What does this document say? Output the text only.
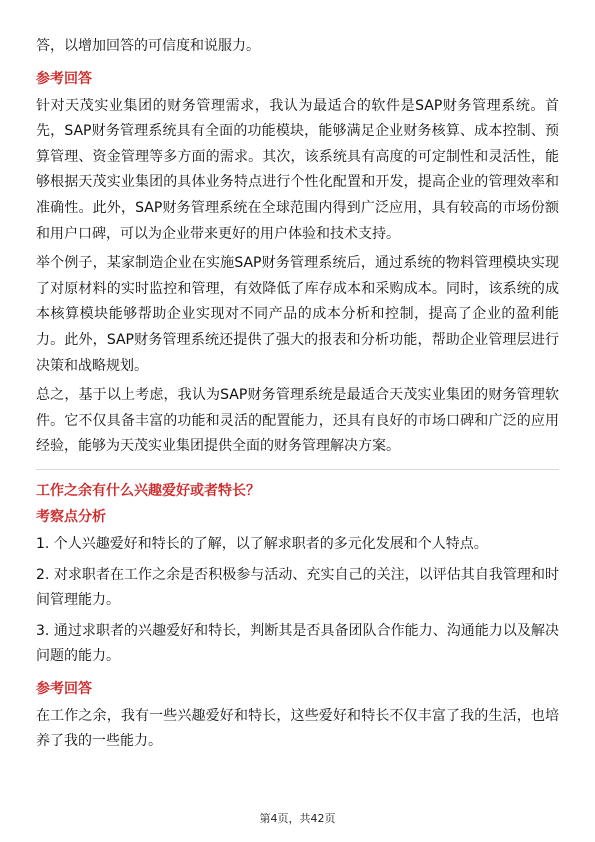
答，以增加回答的可信度和说服力。

参考回答

针对天茂实业集团的财务管理需求，我认为最适合的软件是SAP财务管理系统。首先，SAP财务管理系统具有全面的功能模块，能够满足企业财务核算、成本控制、预算管理、资金管理等多方面的需求。其次，该系统具有高度的可定制性和灵活性，能够根据天茂实业集团的具体业务特点进行个性化配置和开发，提高企业的管理效率和准确性。此外，SAP财务管理系统在全球范围内得到广泛应用，具有较高的市场份额和用户口碑，可以为企业带来更好的用户体验和技术支持。

举个例子，某家制造企业在实施SAP财务管理系统后，通过系统的物料管理模块实现了对原材料的实时监控和管理，有效降低了库存成本和采购成本。同时，该系统的成本核算模块能够帮助企业实现对不同产品的成本分析和控制，提高了企业的盈利能力。此外，SAP财务管理系统还提供了强大的报表和分析功能，帮助企业管理层进行决策和战略规划。

总之，基于以上考虑，我认为SAP财务管理系统是最适合天茂实业集团的财务管理软件。它不仅具备丰富的功能和灵活的配置能力，还具有良好的市场口碑和广泛的应用经验，能够为天茂实业集团提供全面的财务管理解决方案。

工作之余有什么兴趣爱好或者特长？
考察点分析

1. 个人兴趣爱好和特长的了解，以了解求职者的多元化发展和个人特点。

2. 对求职者在工作之余是否积极参与活动、充实自己的关注，以评估其自我管理和时间管理能力。

3. 通过求职者的兴趣爱好和特长，判断其是否具备团队合作能力、沟通能力以及解决问题的能力。

参考回答

在工作之余，我有一些兴趣爱好和特长，这些爱好和特长不仅丰富了我的生活，也培养了我的一些能力。

第4页，共42页
